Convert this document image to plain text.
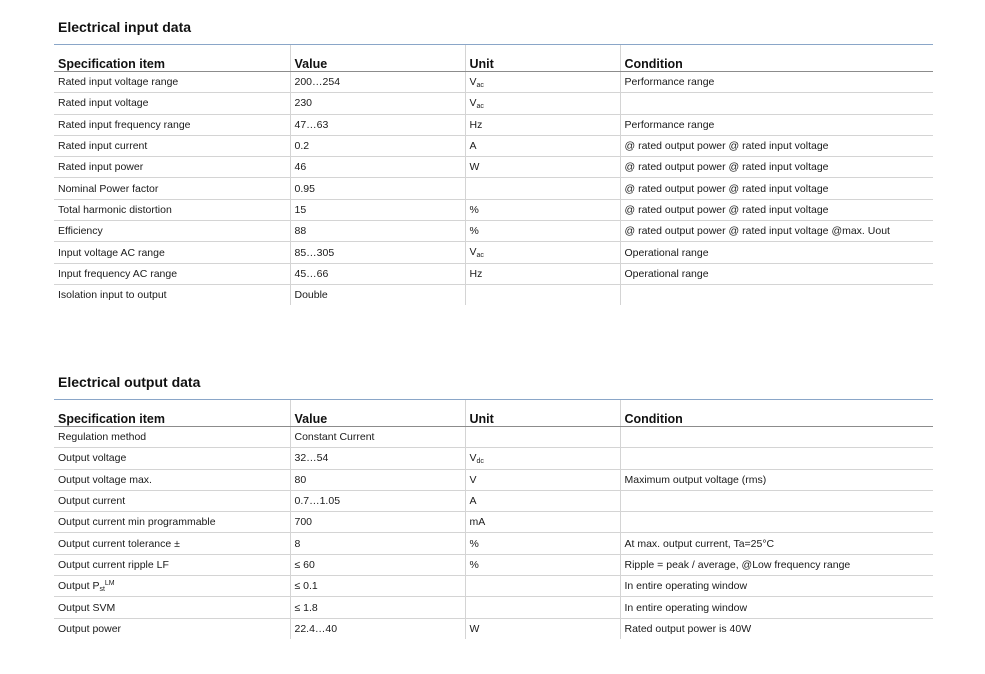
Electrical input data
Specification item	Value	Unit	Condition
Rated input voltage range	200…254	$V_{ac}$	Performance range
Rated input voltage	230	$V_{ac}$	
Rated input frequency range	47…63	Hz	Performance range
Rated input current	0.2	A	@ rated output power @ rated input voltage
Rated input power	46	W	@ rated output power @ rated input voltage
Nominal Power factor	0.95		@ rated output power @ rated input voltage
Total harmonic distortion	15	%	@ rated output power @ rated input voltage
Efficiency	88	%	@ rated output power @ rated input voltage @max. Uout
Input voltage AC range	85…305	$V_{ac}$	Operational range
Input frequency AC range	45…66	Hz	Operational range
Isolation input to output	Double		
Electrical output data
Specification item	Value	Unit	Condition
Regulation method	Constant Current		
Output voltage	32…54	$V_{dc}$	
Output voltage max.	80	V	Maximum output voltage (rms)
Output current	0.7…1.05	A	
Output current min programmable	700	mA	
Output current tolerance ±	8	%	At max. output current, Ta=25°C
Output current ripple LF	≤ 60	%	Ripple = peak / average, @Low frequency range
Output $P_{st}^{LM}$	≤ 0.1		In entire operating window
Output SVM	≤ 1.8		In entire operating window
Output power	22.4…40	W	Rated output power is 40W
